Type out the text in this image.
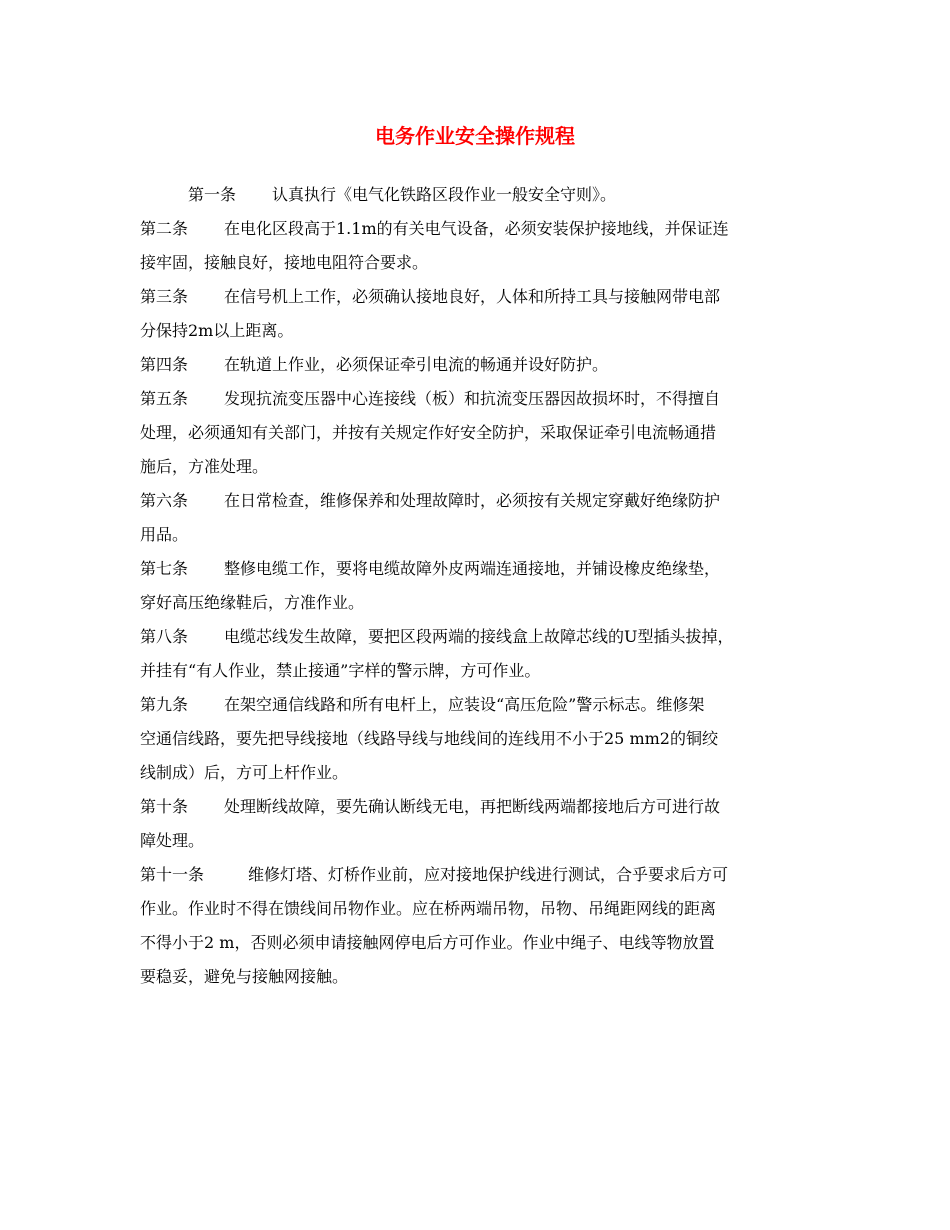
电务作业安全操作规程
第一条 认真执行《电气化铁路区段作业一般安全守则》。
第二条 在电化区段高于1.1m的有关电气设备，必须安装保护接地线，并保证连
接牢固，接触良好，接地电阻符合要求。
第三条 在信号机上工作，必须确认接地良好，人体和所持工具与接触网带电部
分保持2m以上距离。
第四条 在轨道上作业，必须保证牵引电流的畅通并设好防护。
第五条 发现抗流变压器中心连接线（板）和抗流变压器因故损坏时，不得擅自
处理，必须通知有关部门，并按有关规定作好安全防护，采取保证牵引电流畅通措
施后，方准处理。
第六条 在日常检查，维修保养和处理故障时，必须按有关规定穿戴好绝缘防护
用品。
第七条 整修电缆工作，要将电缆故障外皮两端连通接地，并铺设橡皮绝缘垫，
穿好高压绝缘鞋后，方准作业。
第八条 电缆芯线发生故障，要把区段两端的接线盒上故障芯线的U型插头拔掉，
并挂有“有人作业，禁止接通”字样的警示牌，方可作业。
第九条 在架空通信线路和所有电杆上，应装设“高压危险”警示标志。维修架
空通信线路，要先把导线接地（线路导线与地线间的连线用不小于25 mm2的铜绞
线制成）后，方可上杆作业。
第十条 处理断线故障，要先确认断线无电，再把断线两端都接地后方可进行故
障处理。
第十一条	维修灯塔、灯桥作业前，应对接地保护线进行测试，合乎要求后方可
作业。作业时不得在馈线间吊物作业。应在桥两端吊物，吊物、吊绳距网线的距离
不得小于2 m，否则必须申请接触网停电后方可作业。作业中绳子、电线等物放置
要稳妥，避免与接触网接触。
